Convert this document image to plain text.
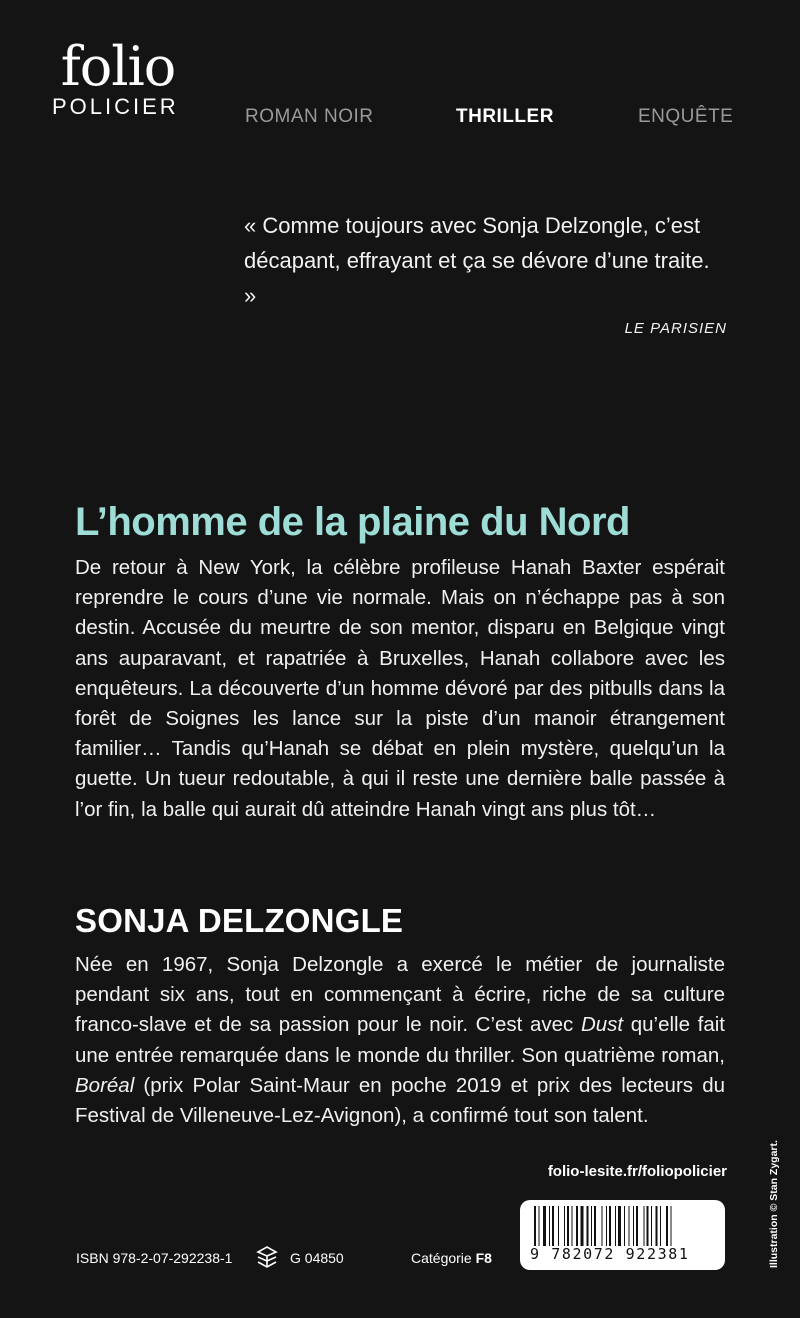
folio
POLICIER	ROMAN NOIR	THRILLER	ENQUÊTE

« Comme toujours avec Sonja Delzongle, c’est décapant, effrayant et ça se dévore d’une traite. »

LE PARISIEN
L’homme de la plaine du Nord

De retour à New York, la célèbre profileuse Hanah Baxter espérait reprendre le cours d’une vie normale. Mais on n’échappe pas à son destin. Accusée du meurtre de son mentor, disparu en Belgique vingt ans auparavant, et rapatriée à Bruxelles, Hanah collabore avec les enquêteurs. La découverte d’un homme dévoré par des pitbulls dans la forêt de Soignes les lance sur la piste d’un manoir étrangement familier… Tandis qu’Hanah se débat en plein mystère, quelqu’un la guette. Un tueur redoutable, à qui il reste une dernière balle passée à l’or fin, la balle qui aurait dû atteindre Hanah vingt ans plus tôt…

SONJA DELZONGLE

Née en 1967, Sonja Delzongle a exercé le métier de journaliste pendant six ans, tout en commençant à écrire, riche de sa culture franco-slave et de sa passion pour le noir. C’est avec Dust qu’elle fait une entrée remarquée dans le monde du thriller. Son quatrième roman, Boréal (prix Polar Saint-Maur en poche 2019 et prix des lecteurs du Festival de Villeneuve-Lez-Avignon), a confirmé tout son talent.

folio-lesite.fr/foliopolicier
ISBN 978-2-07-292238-1	G 04850	Catégorie F8	9 782072 922381	Illustration © Stan Zygart.
